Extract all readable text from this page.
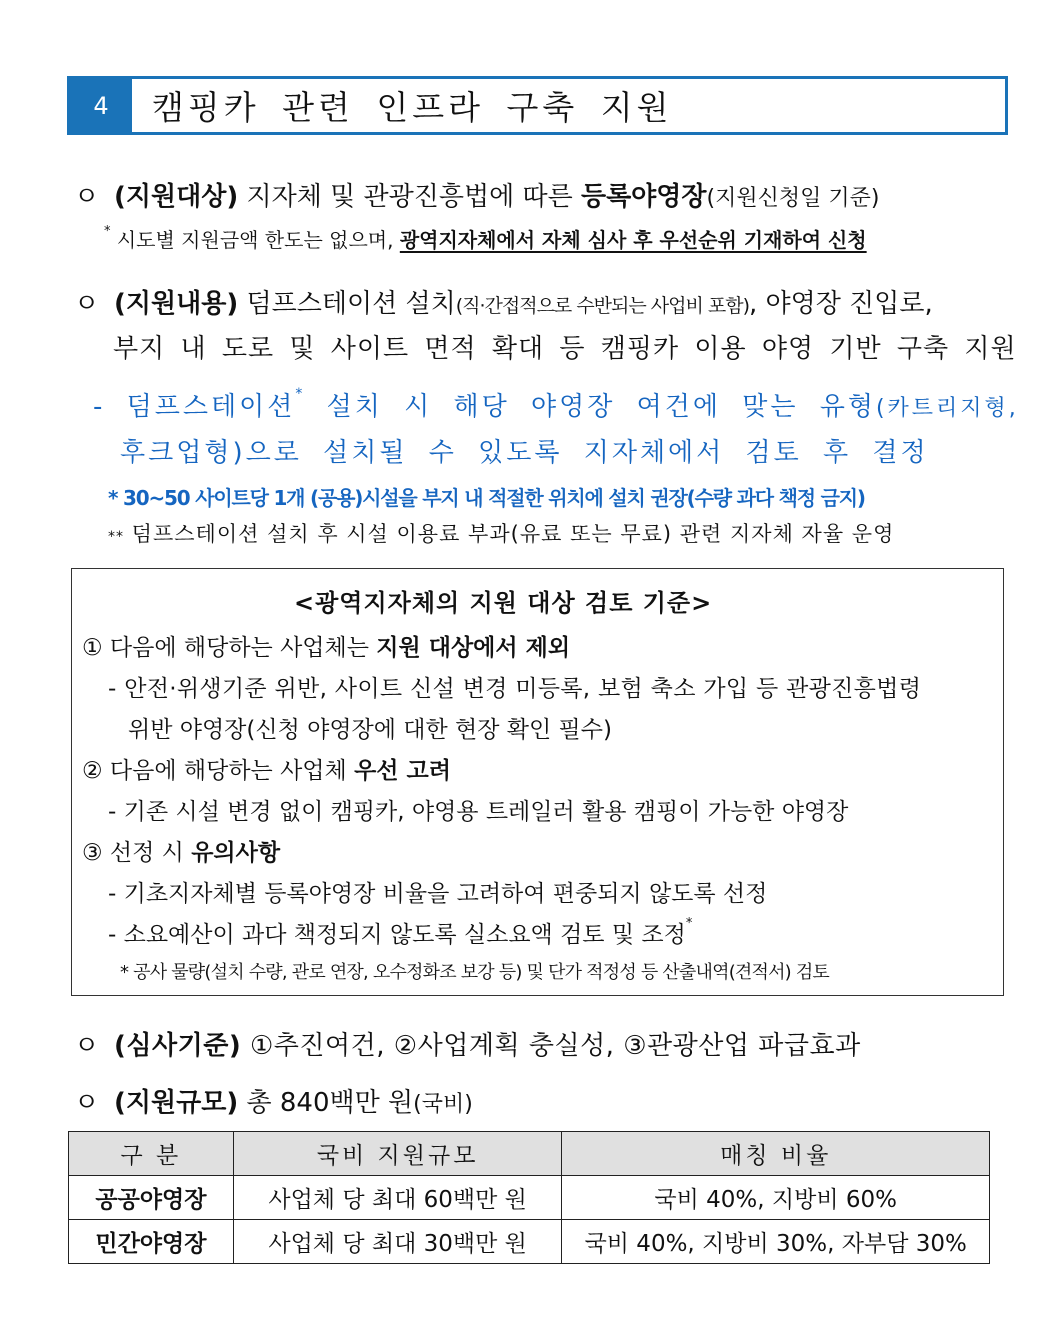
4	캠핑카 관련 인프라 구축 지원
ㅇ (지원대상) 지자체 및 관광진흥법에 따른 등록야영장(지원신청일 기준)
* 시도별 지원금액 한도는 없으며, 광역지자체에서 자체 심사 후 우선순위 기재하여 신청
ㅇ (지원내용) 덤프스테이션 설치(직·간접적으로 수반되는 사업비 포함), 야영장 진입로,
부지 내 도로 및 사이트 면적 확대 등 캠핑카 이용 야영 기반 구축 지원
- 덤프스테이션* 설치 시 해당 야영장 여건에 맞는 유형(카트리지형,
후크업형)으로 설치될 수 있도록 지자체에서 검토 후 결정
* 30~50 사이트당 1개 (공용)시설을 부지 내 적절한 위치에 설치 권장(수량 과다 책정 금지)
** 덤프스테이션 설치 후 시설 이용료 부과(유료 또는 무료) 관련 지자체 자율 운영
<광역지자체의 지원 대상 검토 기준>
① 다음에 해당하는 사업체는 지원 대상에서 제외
- 안전·위생기준 위반, 사이트 신설 변경 미등록, 보험 축소 가입 등 관광진흥법령
위반 야영장(신청 야영장에 대한 현장 확인 필수)
② 다음에 해당하는 사업체 우선 고려
- 기존 시설 변경 없이 캠핑카, 야영용 트레일러 활용 캠핑이 가능한 야영장
③ 선정 시 유의사항
- 기초지자체별 등록야영장 비율을 고려하여 편중되지 않도록 선정
- 소요예산이 과다 책정되지 않도록 실소요액 검토 및 조정*
* 공사 물량(설치 수량, 관로 연장, 오수정화조 보강 등) 및 단가 적정성 등 산출내역(견적서) 검토
ㅇ (심사기준) ①추진여건, ②사업계획 충실성, ③관광산업 파급효과
ㅇ (지원규모) 총 840백만 원(국비)
구 분	국비 지원규모	매칭 비율
공공야영장	사업체 당 최대 60백만 원	국비 40%, 지방비 60%
민간야영장	사업체 당 최대 30백만 원	국비 40%, 지방비 30%, 자부담 30%
